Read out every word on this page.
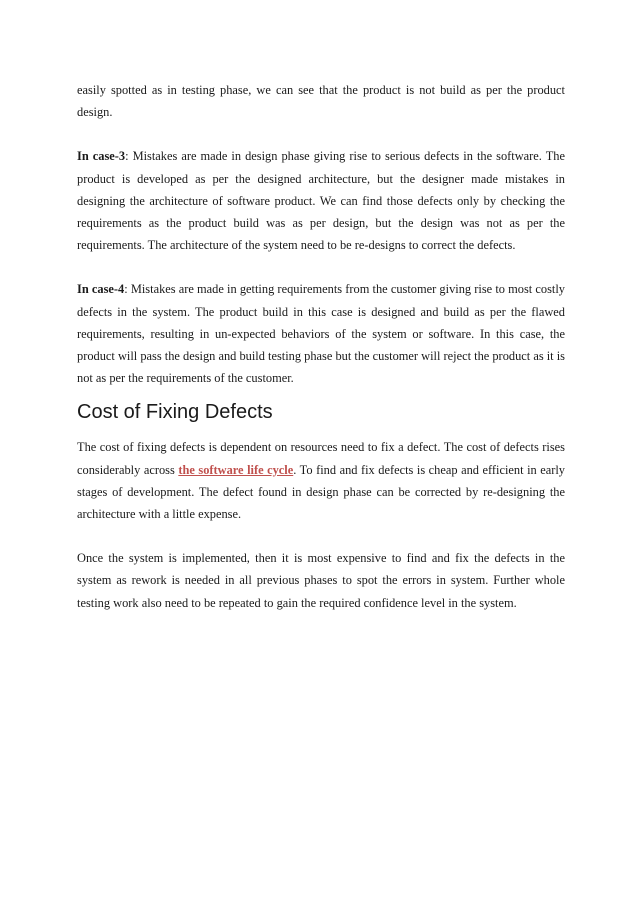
easily spotted as in testing phase, we can see that the product is not build as per the product design.

In case-3: Mistakes are made in design phase giving rise to serious defects in the software. The product is developed as per the designed architecture, but the designer made mistakes in designing the architecture of software product. We can find those defects only by checking the requirements as the product build was as per design, but the design was not as per the requirements. The architecture of the system need to be re-designs to correct the defects.

In case-4: Mistakes are made in getting requirements from the customer giving rise to most costly defects in the system. The product build in this case is designed and build as per the flawed requirements, resulting in un-expected behaviors of the system or software. In this case, the product will pass the design and build testing phase but the customer will reject the product as it is not as per the requirements of the customer.

Cost of Fixing Defects

The cost of fixing defects is dependent on resources need to fix a defect. The cost of defects rises considerably across the software life cycle. To find and fix defects is cheap and efficient in early stages of development. The defect found in design phase can be corrected by re-designing the architecture with a little expense.

Once the system is implemented, then it is most expensive to find and fix the defects in the system as rework is needed in all previous phases to spot the errors in system. Further whole testing work also need to be repeated to gain the required confidence level in the system.
